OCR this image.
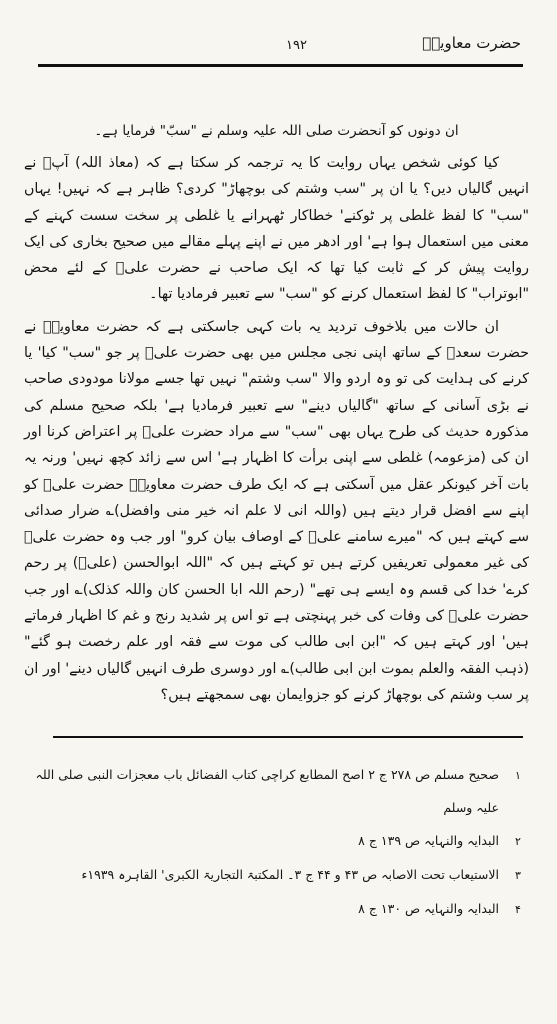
حضرت معاویہؓ
۱۹۲
ان دونوں کو آنحضرت صلی اللہ علیہ وسلم نے "سبّ" فرمایا ہے۔

کیا کوئی شخص یہاں روایت کا یہ ترجمہ کر سکتا ہے کہ (معاذ اللہ) آپؐ نے انہیں گالیاں دیں؟ یا ان پر "سب وشتم کی بوچھاڑ" کردی؟ ظاہر ہے کہ نہیں! یہاں "سب" کا لفظ غلطی پر ٹوکنے' خطاکار ٹھہرانے یا غلطی پر سخت سست کہنے کے معنی میں استعمال ہوا ہے' اور ادھر میں نے اپنے پہلے مقالے میں صحیح بخاری کی ایک روایت پیش کر کے ثابت کیا تھا کہ ایک صاحب نے حضرت علیؓ کے لئے محض "ابوتراب" کا لفظ استعمال کرنے کو "سب" سے تعبیر فرمادیا تھا۔

ان حالات میں بلاخوف تردید یہ بات کہی جاسکتی ہے کہ حضرت معاویہؓ نے حضرت سعدؓ کے ساتھ اپنی نجی مجلس میں بھی حضرت علیؓ پر جو "سب" کیا' یا کرنے کی ہدایت کی تو وہ اردو والا "سب وشتم" نہیں تھا جسے مولانا مودودی صاحب نے بڑی آسانی کے ساتھ "گالیاں دینے" سے تعبیر فرمادیا ہے' بلکہ صحیح مسلم کی مذکورہ حدیث کی طرح یہاں بھی "سب" سے مراد حضرت علیؓ پر اعتراض کرنا اور ان کی (مزعومہ) غلطی سے اپنی برأت کا اظہار ہے' اس سے زائد کچھ نہیں' ورنہ یہ بات آخر کیونکر عقل میں آسکتی ہے کہ ایک طرف حضرت معاویہؓ حضرت علیؓ کو اپنے سے افضل قرار دیتے ہیں (واللہ انی لا علم انہ خیر منی وافضل)؎ ضرار صدائی سے کہتے ہیں کہ "میرے سامنے علیؓ کے اوصاف بیان کرو" اور جب وہ حضرت علیؓ کی غیر معمولی تعریفیں کرتے ہیں تو کہتے ہیں کہ "اللہ ابوالحسن (علیؓ) پر رحم کرے' خدا کی قسم وہ ایسے ہی تھے" (رحم اللہ ابا الحسن کان واللہ کذلک)؎ اور جب حضرت علیؓ کی وفات کی خبر پہنچتی ہے تو اس پر شدید رنج و غم کا اظہار فرماتے ہیں' اور کہتے ہیں کہ "ابن ابی طالب کی موت سے فقہ اور علم رخصت ہو گئے" (ذہب الفقہ والعلم بموت ابن ابی طالب)؎ اور دوسری طرف انہیں گالیاں دینے' اور ان پر سب وشتم کی بوچھاڑ کرنے کو جزوایمان بھی سمجھتے ہیں؟

۱
صحیح مسلم ص ۲۷۸ ج ۲ اصح المطابع کراچی کتاب الفضائل باب معجزات النبی صلی اللہ علیہ وسلم
۲
البدایہ والنہایہ ص ۱۳۹ ج ۸
۳
الاستیعاب تحت الاصابہ ص ۴۳ و ۴۴ ج ۳۔ المکتبۃ التجاریۃ الکبری' القاہرہ ۱۹۳۹ء
۴
البدایہ والنہایہ ص ۱۳۰ ج ۸
